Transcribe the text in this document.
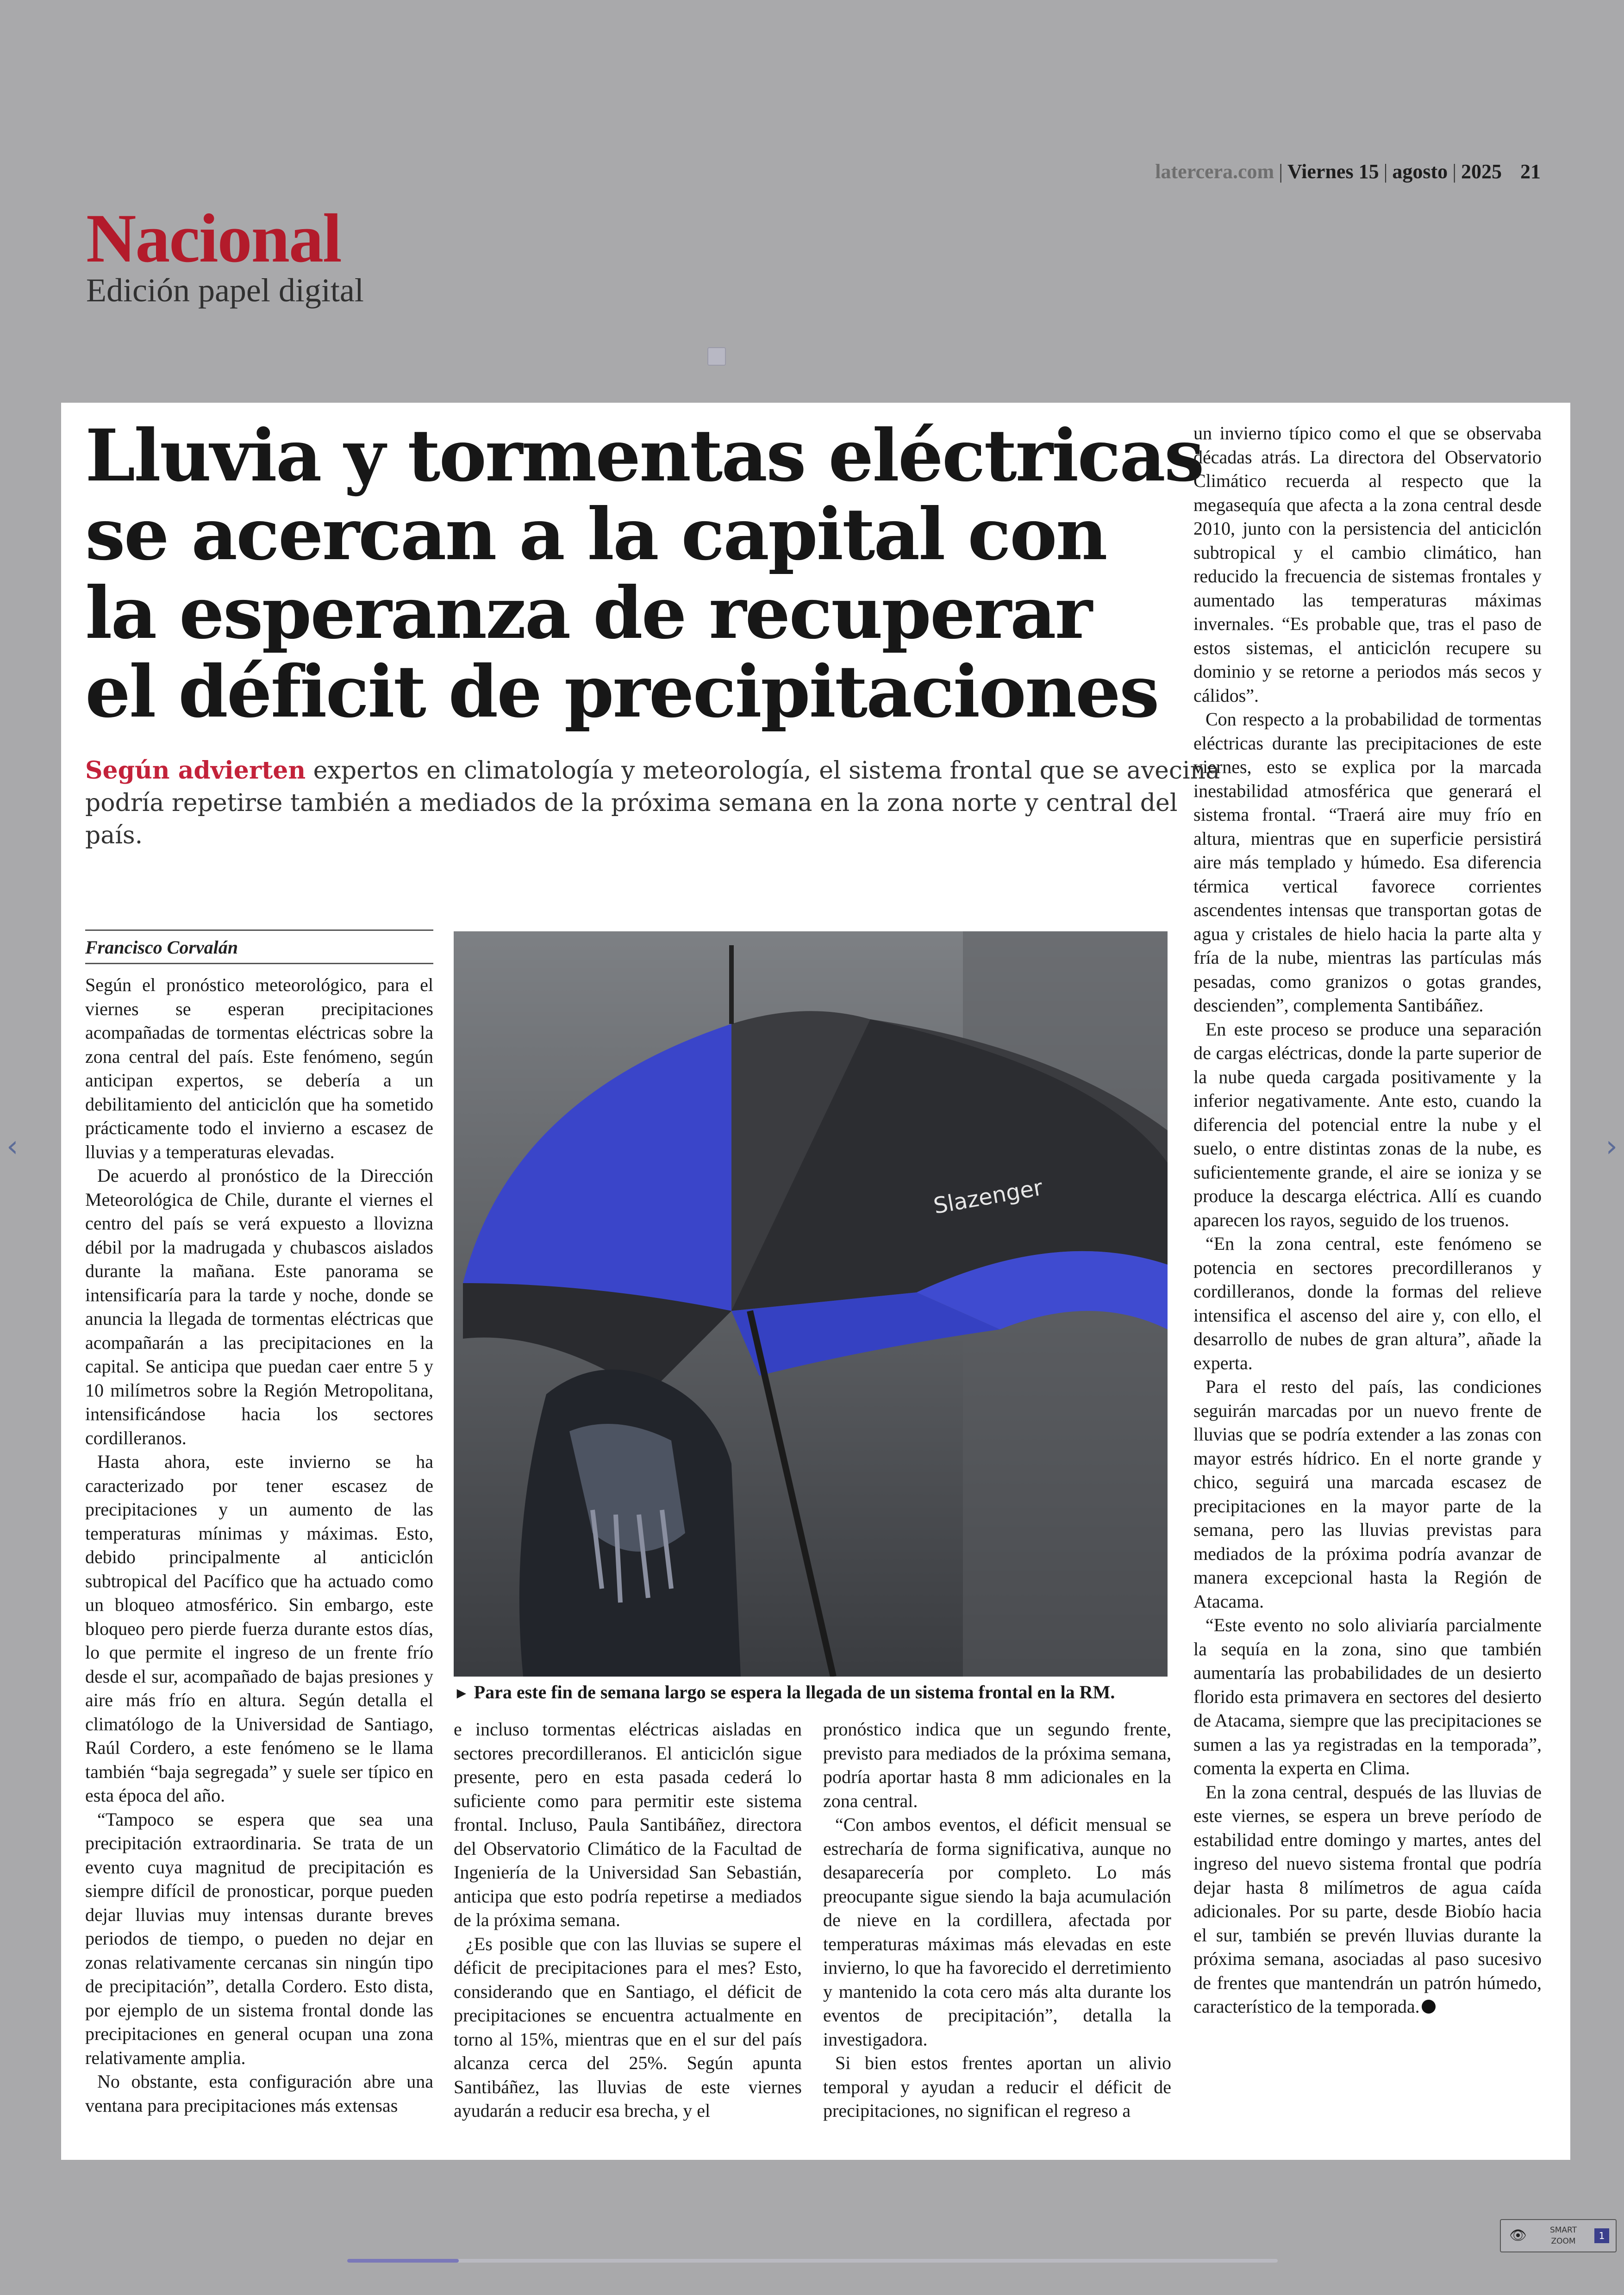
latercera.com | Viernes 15 | agosto | 2025 21
Nacional
Edición papel digital
Lluvia y tormentas eléctricas
se acercan a la capital con
la esperanza de recuperar
el déficit de precipitaciones
Según advierten expertos en climatología y meteorología, el sistema frontal que se avecina podría repetirse también a mediados de la próxima semana en la zona norte y central del país.
Francisco Corvalán

Según el pronóstico meteorológico, para el viernes se esperan precipitaciones acompañadas de tormentas eléctricas sobre la zona central del país. Este fenómeno, según anticipan expertos, se debería a un debilitamiento del anticiclón que ha sometido prácticamente todo el invierno a escasez de lluvias y a temperaturas elevadas.

De acuerdo al pronóstico de la Dirección Meteorológica de Chile, durante el viernes el centro del país se verá expuesto a llovizna débil por la madrugada y chubascos aislados durante la mañana. Este panorama se intensificaría para la tarde y noche, donde se anuncia la llegada de tormentas eléctricas que acompañarán a las precipitaciones en la capital. Se anticipa que puedan caer entre 5 y 10 milímetros sobre la Región Metropolitana, intensificándose hacia los sectores cordilleranos.

Hasta ahora, este invierno se ha caracterizado por tener escasez de precipitaciones y un aumento de las temperaturas mínimas y máximas. Esto, debido principalmente al anticiclón subtropical del Pacífico que ha actuado como un bloqueo atmosférico. Sin embargo, este bloqueo pero pierde fuerza durante estos días, lo que permite el ingreso de un frente frío desde el sur, acompañado de bajas presiones y aire más frío en altura. Según detalla el climatólogo de la Universidad de Santiago, Raúl Cordero, a este fenómeno se le llama también “baja segregada” y suele ser típico en esta época del año.

“Tampoco se espera que sea una precipitación extraordinaria. Se trata de un evento cuya magnitud de precipitación es siempre difícil de pronosticar, porque pueden dejar lluvias muy intensas durante breves periodos de tiempo, o pueden no dejar en zonas relativamente cercanas sin ningún tipo de precipitación”, detalla Cordero. Esto dista, por ejemplo de un sistema frontal donde las precipitaciones en general ocupan una zona relativamente amplia.

No obstante, esta configuración abre una ventana para precipitaciones más extensas

Slazenger
► Para este fin de semana largo se espera la llegada de un sistema frontal en la RM.

e incluso tormentas eléctricas aisladas en sectores precordilleranos. El anticiclón sigue presente, pero en esta pasada cederá lo suficiente como para permitir este sistema frontal. Incluso, Paula Santibáñez, directora del Observatorio Climático de la Facultad de Ingeniería de la Universidad San Sebastián, anticipa que esto podría repetirse a mediados de la próxima semana.

¿Es posible que con las lluvias se supere el déficit de precipitaciones para el mes? Esto, considerando que en Santiago, el déficit de precipitaciones se encuentra actualmente en torno al 15%, mientras que en el sur del país alcanza cerca del 25%. Según apunta Santibáñez, las lluvias de este viernes ayudarán a reducir esa brecha, y el

pronóstico indica que un segundo frente, previsto para mediados de la próxima semana, podría aportar hasta 8 mm adicionales en la zona central.

“Con ambos eventos, el déficit mensual se estrecharía de forma significativa, aunque no desaparecería por completo. Lo más preocupante sigue siendo la baja acumulación de nieve en la cordillera, afectada por temperaturas máximas más elevadas en este invierno, lo que ha favorecido el derretimiento y mantenido la cota cero más alta durante los eventos de precipitación”, detalla la investigadora.

Si bien estos frentes aportan un alivio temporal y ayudan a reducir el déficit de precipitaciones, no significan el regreso a

un invierno típico como el que se observaba décadas atrás. La directora del Observatorio Climático recuerda al respecto que la megasequía que afecta a la zona central desde 2010, junto con la persistencia del anticiclón subtropical y el cambio climático, han reducido la frecuencia de sistemas frontales y aumentado las temperaturas máximas invernales. “Es probable que, tras el paso de estos sistemas, el anticiclón recupere su dominio y se retorne a periodos más secos y cálidos”.

Con respecto a la probabilidad de tormentas eléctricas durante las precipitaciones de este viernes, esto se explica por la marcada inestabilidad atmosférica que generará el sistema frontal. “Traerá aire muy frío en altura, mientras que en superficie persistirá aire más templado y húmedo. Esa diferencia térmica vertical favorece corrientes ascendentes intensas que transportan gotas de agua y cristales de hielo hacia la parte alta y fría de la nube, mientras las partículas más pesadas, como granizos o gotas grandes, descienden”, complementa Santibáñez.

En este proceso se produce una separación de cargas eléctricas, donde la parte superior de la nube queda cargada positivamente y la inferior negativamente. Ante esto, cuando la diferencia del potencial entre la nube y el suelo, o entre distintas zonas de la nube, es suficientemente grande, el aire se ioniza y se produce la descarga eléctrica. Allí es cuando aparecen los rayos, seguido de los truenos.

“En la zona central, este fenómeno se potencia en sectores precordilleranos y cordilleranos, donde la formas del relieve intensifica el ascenso del aire y, con ello, el desarrollo de nubes de gran altura”, añade la experta.

Para el resto del país, las condiciones seguirán marcadas por un nuevo frente de lluvias que se podría extender a las zonas con mayor estrés hídrico. En el norte grande y chico, seguirá una marcada escasez de precipitaciones en la mayor parte de la semana, pero las lluvias previstas para mediados de la próxima podría avanzar de manera excepcional hasta la Región de Atacama.

“Este evento no solo aliviaría parcialmente la sequía en la zona, sino que también aumentaría las probabilidades de un desierto florido esta primavera en sectores del desierto de Atacama, siempre que las precipitaciones se sumen a las ya registradas en la temporada”, comenta la experta en Clima.

En la zona central, después de las lluvias de este viernes, se espera un breve período de estabilidad entre domingo y martes, antes del ingreso del nuevo sistema frontal que podría dejar hasta 8 milímetros de agua caída adicionales. Por su parte, desde Biobío hacia el sur, también se prevén lluvias durante la próxima semana, asociadas al paso sucesivo de frentes que mantendrán un patrón húmedo, característico de la temporada.

‹	›
👁	SMART
ZOOM	1
